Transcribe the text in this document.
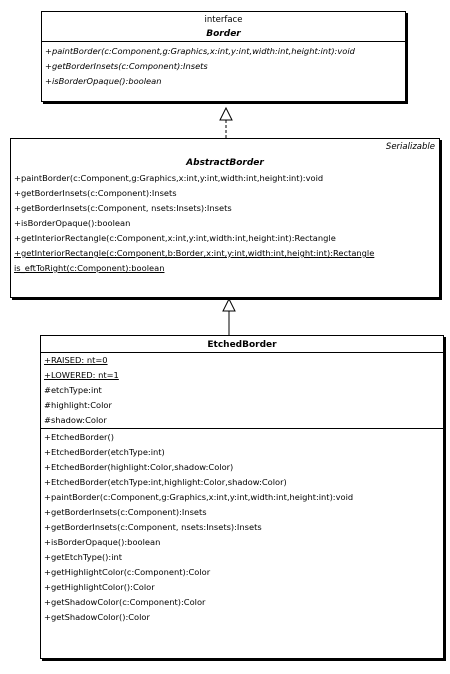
interface
Border
+paintBorder(c:Component,g:Graphics,x:int,y:int,width:int,height:int):void
+getBorderInsets(c:Component):Insets
+isBorderOpaque():boolean
Serializable
AbstractBorder
+paintBorder(c:Component,g:Graphics,x:int,y:int,width:int,height:int):void
+getBorderInsets(c:Component):Insets
+getBorderInsets(c:Component, nsets:Insets):Insets
+isBorderOpaque():boolean
+getInteriorRectangle(c:Component,x:int,y:int,width:int,height:int):Rectangle
+getInteriorRectangle(c:Component,b:Border,x:int,y:int,width:int,height:int):Rectangle
is_eftToRight(c:Component):boolean
EtchedBorder
+RAISED: nt=0
+LOWERED: nt=1
#etchType:int
#highlight:Color
#shadow:Color
+EtchedBorder()
+EtchedBorder(etchType:int)
+EtchedBorder(highlight:Color,shadow:Color)
+EtchedBorder(etchType:int,highlight:Color,shadow:Color)
+paintBorder(c:Component,g:Graphics,x:int,y:int,width:int,height:int):void
+getBorderInsets(c:Component):Insets
+getBorderInsets(c:Component, nsets:Insets):Insets
+isBorderOpaque():boolean
+getEtchType():int
+getHighlightColor(c:Component):Color
+getHighlightColor():Color
+getShadowColor(c:Component):Color
+getShadowColor():Color
